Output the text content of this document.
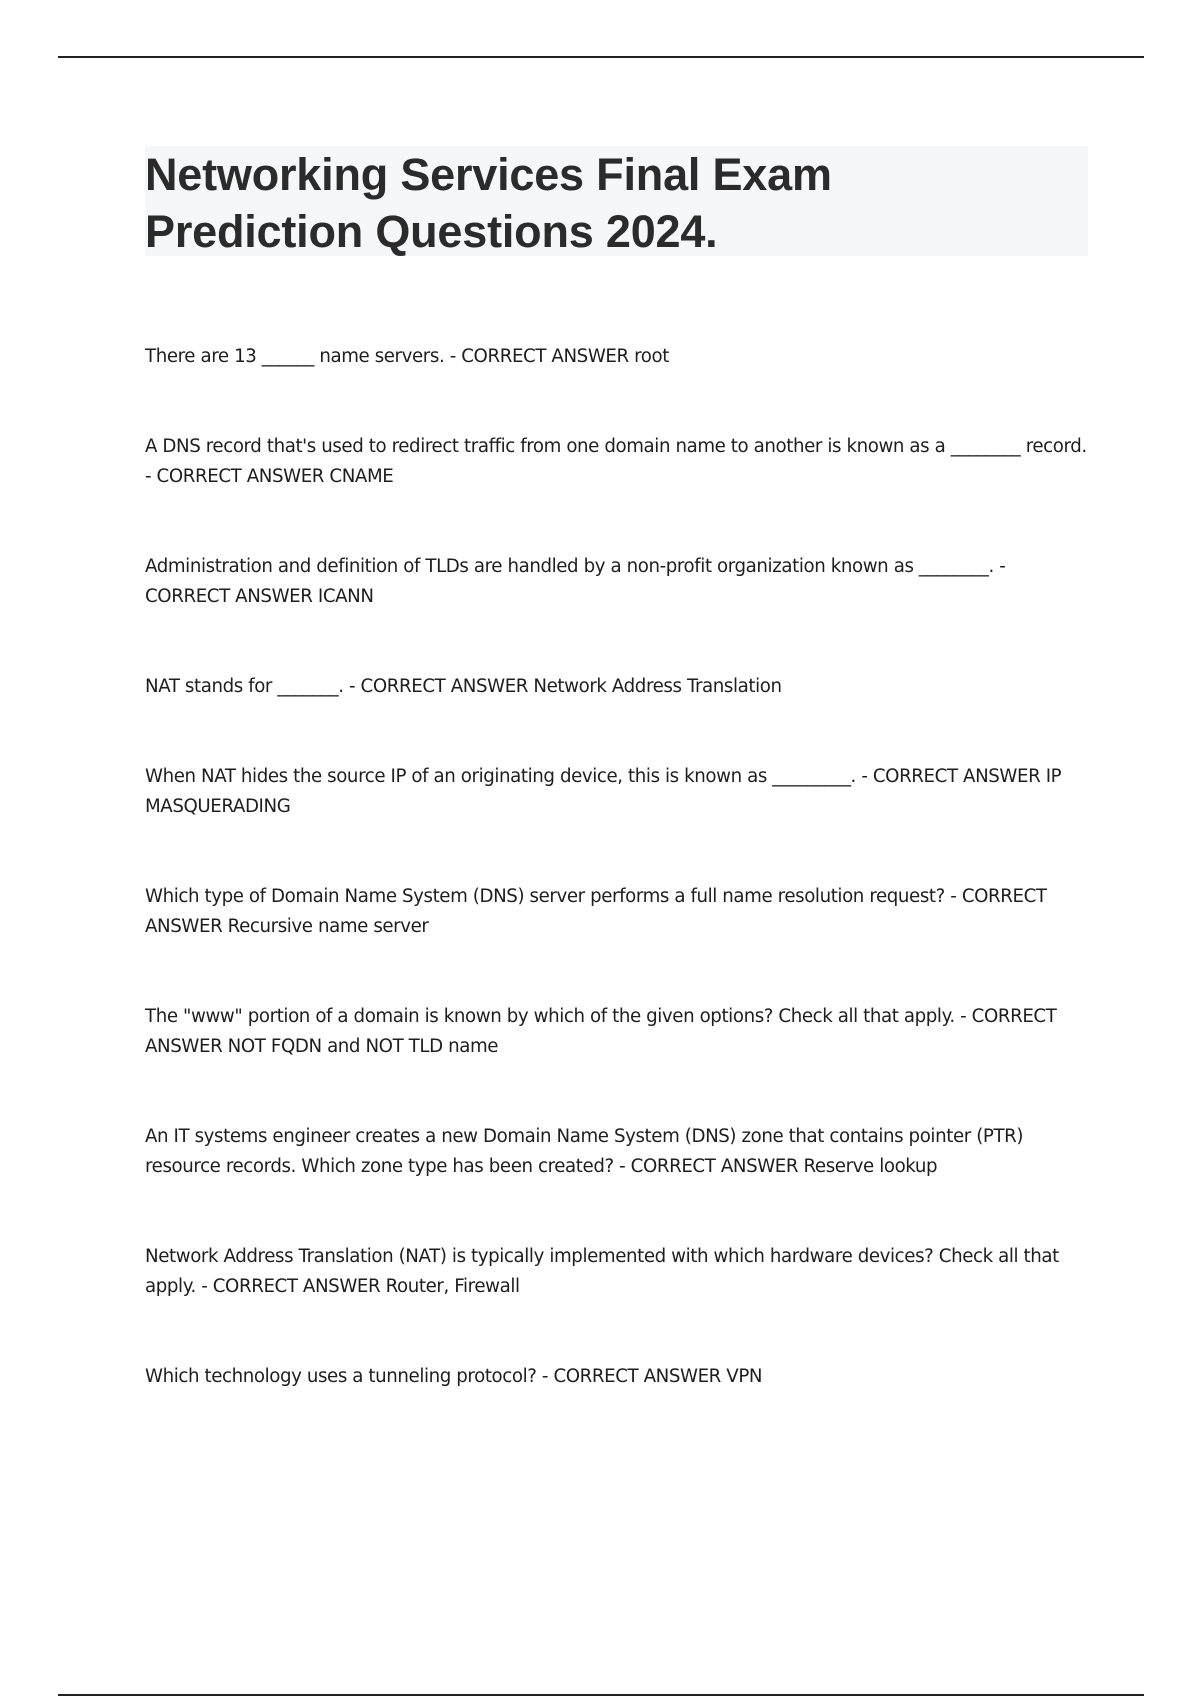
Networking Services Final Exam
Prediction Questions 2024.
There are 13 ______ name servers. - CORRECT ANSWER root
A DNS record that's used to redirect traffic from one domain name to another is known as a ________ record. - CORRECT ANSWER CNAME
Administration and definition of TLDs are handled by a non-profit organization known as ________. - CORRECT ANSWER ICANN
NAT stands for _______. - CORRECT ANSWER Network Address Translation
When NAT hides the source IP of an originating device, this is known as _________. - CORRECT ANSWER IP MASQUERADING
Which type of Domain Name System (DNS) server performs a full name resolution request? - CORRECT ANSWER Recursive name server
The "www" portion of a domain is known by which of the given options? Check all that apply. - CORRECT ANSWER NOT FQDN and NOT TLD name
An IT systems engineer creates a new Domain Name System (DNS) zone that contains pointer (PTR) resource records. Which zone type has been created? - CORRECT ANSWER Reserve lookup
Network Address Translation (NAT) is typically implemented with which hardware devices? Check all that apply. - CORRECT ANSWER Router, Firewall
Which technology uses a tunneling protocol? - CORRECT ANSWER VPN
